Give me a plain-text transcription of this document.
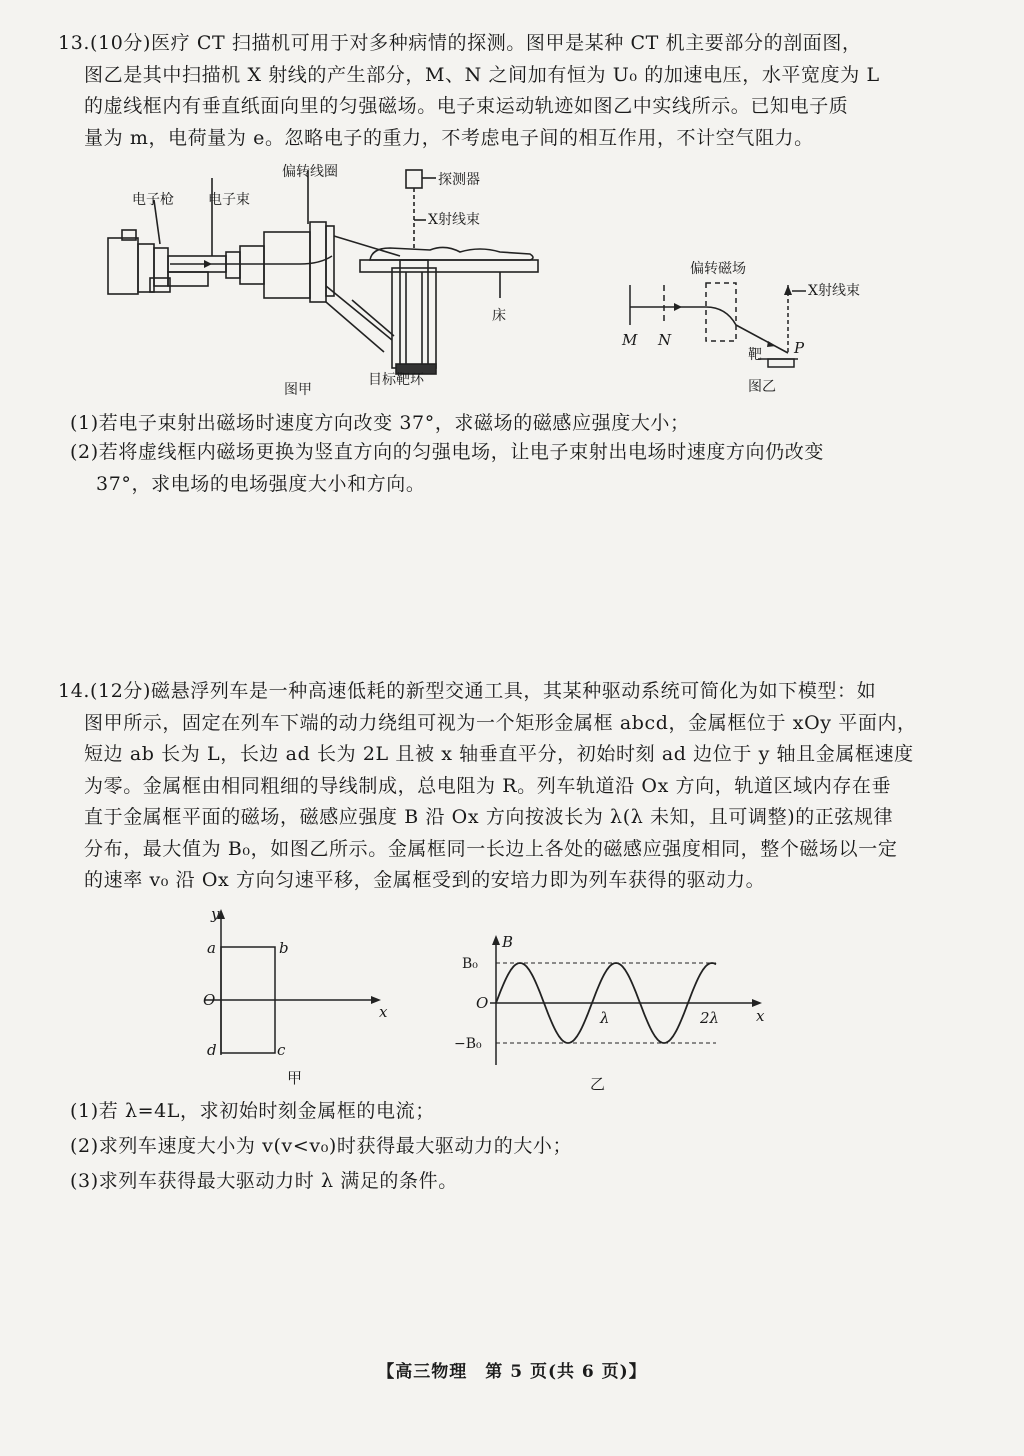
13.(10分)医疗 CT 扫描机可用于对多种病情的探测。图甲是某种 CT 机主要部分的剖面图，
图乙是其中扫描机 X 射线的产生部分，M、N 之间加有恒为 U₀ 的加速电压，水平宽度为 L
的虚线框内有垂直纸面向里的匀强磁场。电子束运动轨迹如图乙中实线所示。已知电子质
量为 m，电荷量为 e。忽略电子的重力，不考虑电子间的相互作用，不计空气阻力。
电子枪 电子束
偏转线圈	探测器
X射线束
床
目标靶环
图甲
偏转磁场
X射线束
M N
靶 P
图乙

(1)若电子束射出磁场时速度方向改变 37°，求磁场的磁感应强度大小；

(2)若将虚线框内磁场更换为竖直方向的匀强电场，让电子束射出电场时速度方向仍改变
37°，求电场的电场强度大小和方向。
14.(12分)磁悬浮列车是一种高速低耗的新型交通工具，其某种驱动系统可简化为如下模型：如
图甲所示，固定在列车下端的动力绕组可视为一个矩形金属框 abcd，金属框位于 xOy 平面内，
短边 ab 长为 L，长边 ad 长为 2L 且被 x 轴垂直平分，初始时刻 ad 边位于 y 轴且金属框速度
为零。金属框由相同粗细的导线制成，总电阻为 R。列车轨道沿 Ox 方向，轨道区域内存在垂
直于金属框平面的磁场，磁感应强度 B 沿 Ox 方向按波长为 λ(λ 未知，且可调整)的正弦规律
分布，最大值为 B₀，如图乙所示。金属框同一长边上各处的磁感应强度相同，整个磁场以一定
的速率 v₀ 沿 Ox 方向匀速平移，金属框受到的安培力即为列车获得的驱动力。
y
x
O
a	b
c
d
甲
B
x
O
B₀
−B₀
λ	2λ
乙

(1)若 λ=4L，求初始时刻金属框的电流；

(2)求列车速度大小为 v(v<v₀)时获得最大驱动力的大小；

(3)求列车获得最大驱动力时 λ 满足的条件。

【高三物理　第 5 页(共 6 页)】
